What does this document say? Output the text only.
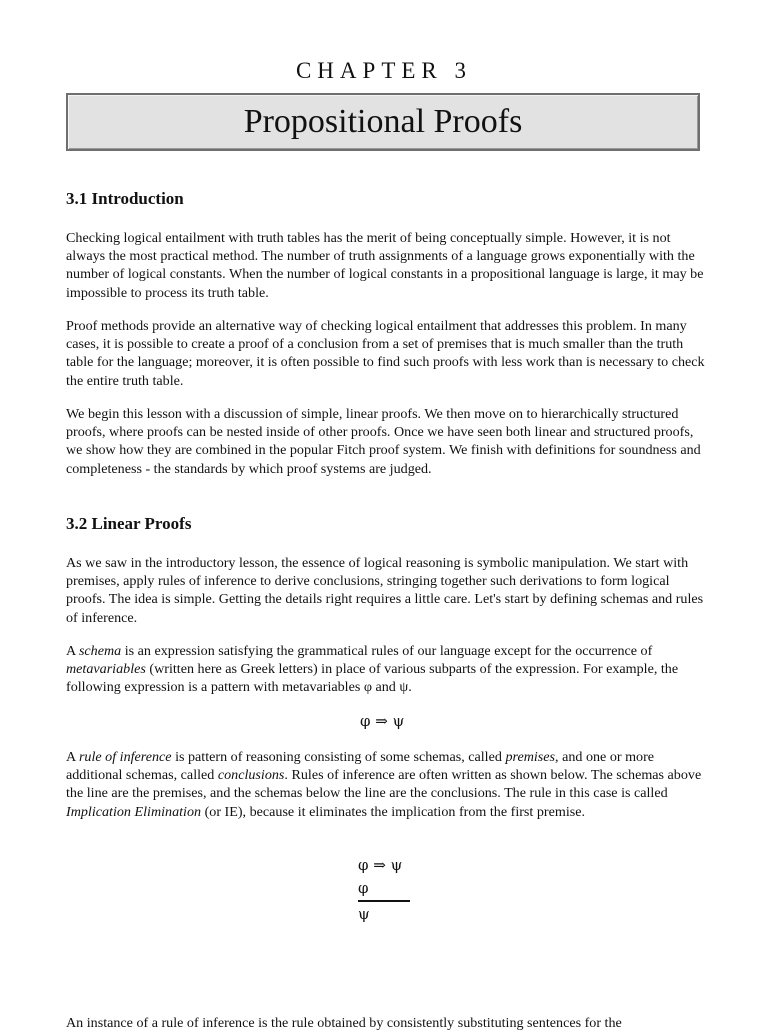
CHAPTER 3
Propositional Proofs
3.1 Introduction
Checking logical entailment with truth tables has the merit of being conceptually simple. However, it is not always the most practical method. The number of truth assignments of a language grows exponentially with the number of logical constants. When the number of logical constants in a propositional language is large, it may be impossible to process its truth table.
Proof methods provide an alternative way of checking logical entailment that addresses this problem. In many cases, it is possible to create a proof of a conclusion from a set of premises that is much smaller than the truth table for the language; moreover, it is often possible to find such proofs with less work than is necessary to check the entire truth table.
We begin this lesson with a discussion of simple, linear proofs. We then move on to hierarchically structured proofs, where proofs can be nested inside of other proofs. Once we have seen both linear and structured proofs, we show how they are combined in the popular Fitch proof system. We finish with definitions for soundness and completeness - the standards by which proof systems are judged.
3.2 Linear Proofs
As we saw in the introductory lesson, the essence of logical reasoning is symbolic manipulation. We start with premises, apply rules of inference to derive conclusions, stringing together such derivations to form logical proofs. The idea is simple. Getting the details right requires a little care. Let's start by defining schemas and rules of inference.
A schema is an expression satisfying the grammatical rules of our language except for the occurrence of metavariables (written here as Greek letters) in place of various subparts of the expression. For example, the following expression is a pattern with metavariables φ and ψ.
φ ⇒ ψ
A rule of inference is pattern of reasoning consisting of some schemas, called premises, and one or more additional schemas, called conclusions. Rules of inference are often written as shown below. The schemas above the line are the premises, and the schemas below the line are the conclusions. The rule in this case is called Implication Elimination (or IE), because it eliminates the implication from the first premise.
φ ⇒ ψ
φ
ψ
An instance of a rule of inference is the rule obtained by consistently substituting sentences for the
